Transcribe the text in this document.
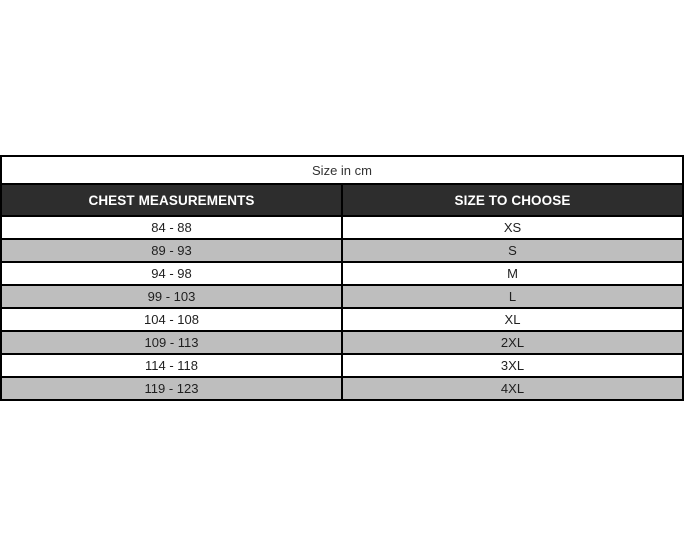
Size in cm	
CHEST MEASUREMENTS	SIZE TO CHOOSE
84 - 88	XS
89 - 93	S
94 - 98	M
99 - 103	L
104 - 108	XL
109 - 113	2XL
114 - 118	3XL
119 - 123	4XL
